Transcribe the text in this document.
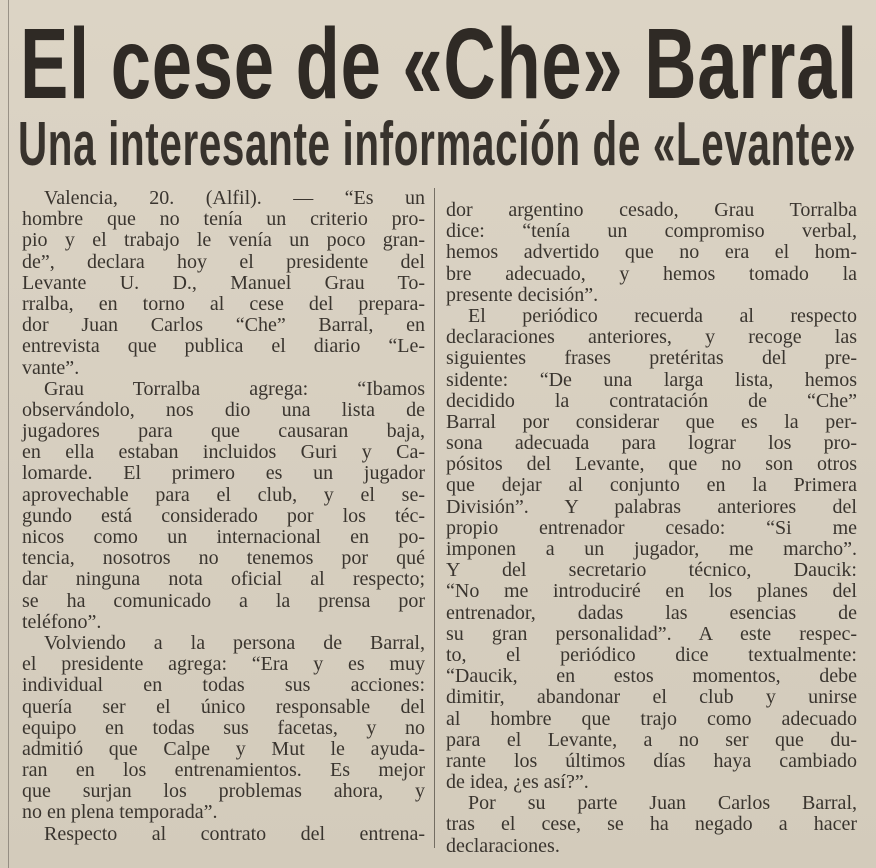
El cese de «Che» Barral
Una interesante información de «Levante»
Valencia, 20. (Alfil). — “Es un
hombre que no tenía un criterio pro-
pio y el trabajo le venía un poco gran-
de”, declara hoy el presidente del
Levante U. D., Manuel Grau To-
rralba, en torno al cese del prepara-
dor Juan Carlos “Che” Barral, en
entrevista que publica el diario “Le-
vante”.
Grau Torralba agrega: “Ibamos
observándolo, nos dio una lista de
jugadores para que causaran baja,
en ella estaban incluidos Guri y Ca-
lomarde. El primero es un jugador
aprovechable para el club, y el se-
gundo está considerado por los téc-
nicos como un internacional en po-
tencia, nosotros no tenemos por qué
dar ninguna nota oficial al respecto;
se ha comunicado a la prensa por
teléfono”.
Volviendo a la persona de Barral,
el presidente agrega: “Era y es muy
individual en todas sus acciones:
quería ser el único responsable del
equipo en todas sus facetas, y no
admitió que Calpe y Mut le ayuda-
ran en los entrenamientos. Es mejor
que surjan los problemas ahora, y
no en plena temporada”.
Respecto al contrato del entrena-
dor argentino cesado, Grau Torralba
dice: “tenía un compromiso verbal,
hemos advertido que no era el hom-
bre adecuado, y hemos tomado la
presente decisión”.
El periódico recuerda al respecto
declaraciones anteriores, y recoge las
siguientes frases pretéritas del pre-
sidente: “De una larga lista, hemos
decidido la contratación de “Che”
Barral por considerar que es la per-
sona adecuada para lograr los pro-
pósitos del Levante, que no son otros
que dejar al conjunto en la Primera
División”. Y palabras anteriores del
propio entrenador cesado: “Si me
imponen a un jugador, me marcho”.
Y del secretario técnico, Daucik:
“No me introduciré en los planes del
entrenador, dadas las esencias de
su gran personalidad”. A este respec-
to, el periódico dice textualmente:
“Daucik, en estos momentos, debe
dimitir, abandonar el club y unirse
al hombre que trajo como adecuado
para el Levante, a no ser que du-
rante los últimos días haya cambiado
de idea, ¿es así?”.
Por su parte Juan Carlos Barral,
tras el cese, se ha negado a hacer
declaraciones.
